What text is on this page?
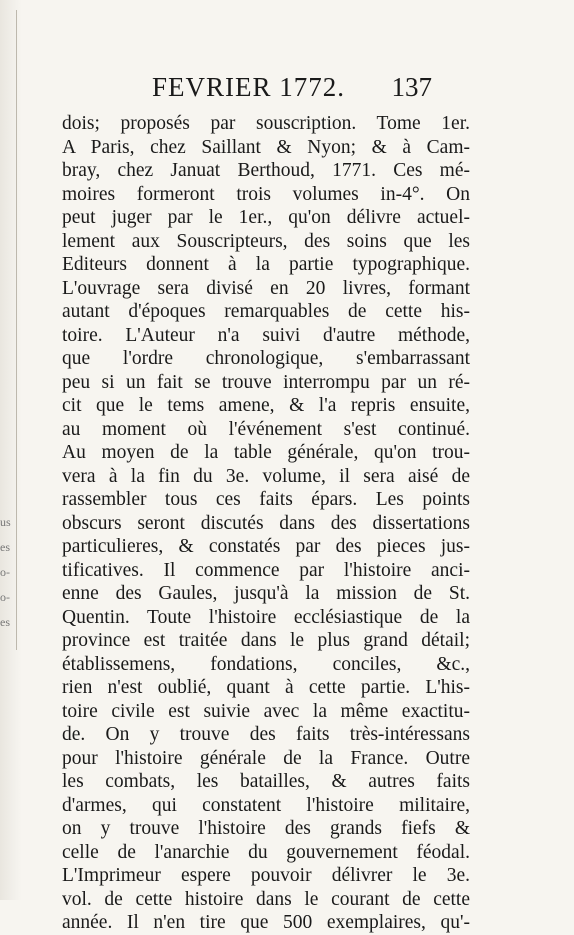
us
es
o-
o-
es
FEVRIER 1772. 137
dois; proposés par souscription. Tome 1er.
A Paris, chez Saillant & Nyon; & à Cam-
bray, chez Januat Berthoud, 1771. Ces mé-
moires formeront trois volumes in-4°. On
peut juger par le 1er., qu'on délivre actuel-
lement aux Souscripteurs, des soins que les
Editeurs donnent à la partie typographique.
L'ouvrage sera divisé en 20 livres, formant
autant d'époques remarquables de cette his-
toire. L'Auteur n'a suivi d'autre méthode,
que l'ordre chronologique, s'embarrassant
peu si un fait se trouve interrompu par un ré-
cit que le tems amene, & l'a repris ensuite,
au moment où l'événement s'est continué.
Au moyen de la table générale, qu'on trou-
vera à la fin du 3e. volume, il sera aisé de
rassembler tous ces faits épars. Les points
obscurs seront discutés dans des dissertations
particulieres, & constatés par des pieces jus-
tificatives. Il commence par l'histoire anci-
enne des Gaules, jusqu'à la mission de St.
Quentin. Toute l'histoire ecclésiastique de la
province est traitée dans le plus grand détail;
établissemens, fondations, conciles, &c.,
rien n'est oublié, quant à cette partie. L'his-
toire civile est suivie avec la même exactitu-
de. On y trouve des faits très-intéressans
pour l'histoire générale de la France. Outre
les combats, les batailles, & autres faits
d'armes, qui constatent l'histoire militaire,
on y trouve l'histoire des grands fiefs &
celle de l'anarchie du gouvernement féodal.
L'Imprimeur espere pouvoir délivrer le 3e.
vol. de cette histoire dans le courant de cette
année. Il n'en tire que 500 exemplaires, qu'-
